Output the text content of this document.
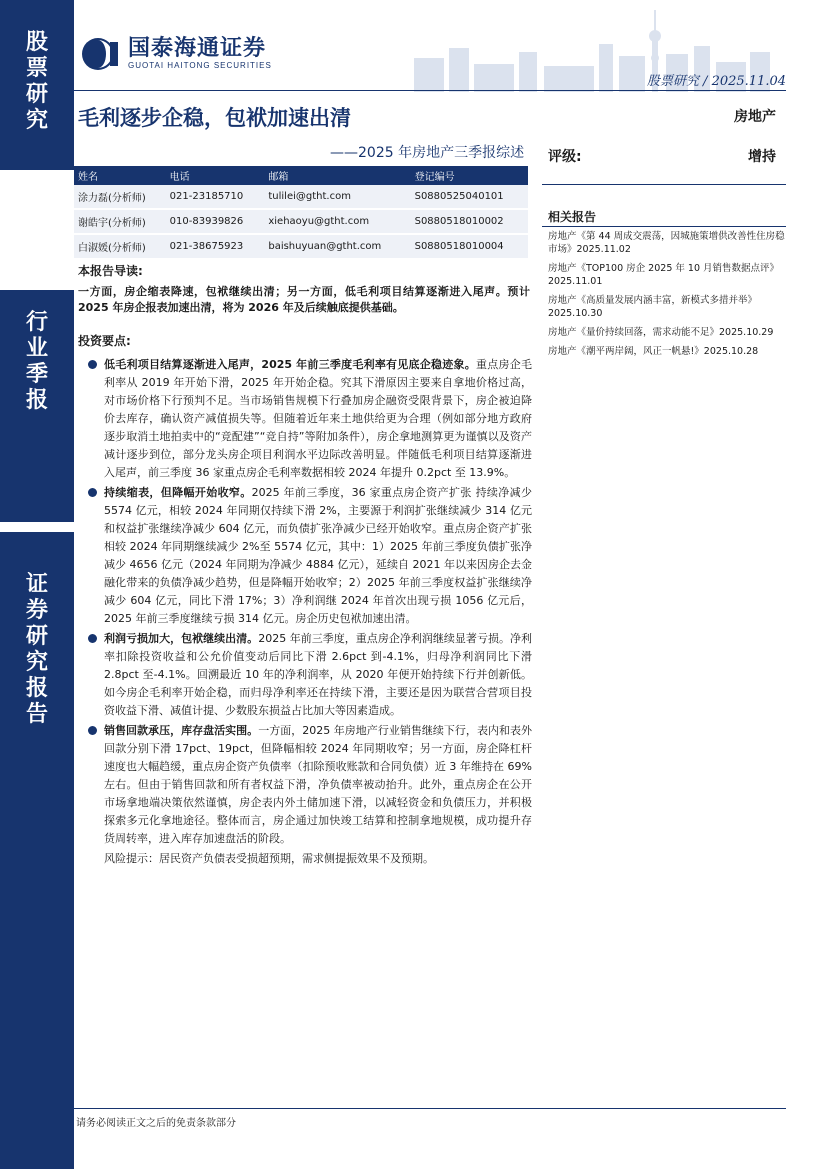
股
票
研
究
行
业
季
报
证
券
研
究
报
告
国泰海通证券
GUOTAI HAITONG SECURITIES
股票研究 / 2025.11.04
毛利逐步企稳，包袱加速出清	房地产
——2025 年房地产三季报综述 评级:	增持
姓名	电话	邮箱	登记编号
涂力磊(分析师)	021-23185710	tulilei@gtht.com	S0880525040101
谢皓宇(分析师)	010-83939826	xiehaoyu@gtht.com	S0880518010002
白淑媛(分析师)	021-38675923	baishuyuan@gtht.com	S0880518010004
相关报告
房地产《第 44 周成交震荡，因城施策增供改善性住房稳市场》2025.11.02
房地产《TOP100 房企 2025 年 10 月销售数据点评》2025.11.01
房地产《高质量发展内涵丰富，新模式多措并举》2025.10.30
房地产《量价持续回落，需求动能不足》2025.10.29
房地产《潮平两岸阔，风正一帆悬!》2025.10.28
本报告导读:
一方面，房企缩表降速，包袱继续出清；另一方面，低毛利项目结算逐渐进入尾声。预计 2025 年房企报表加速出清，将为 2026 年及后续触底提供基础。
投资要点:
低毛利项目结算逐渐进入尾声，2025 年前三季度毛利率有见底企稳迹象。重点房企毛利率从 2019 年开始下滑，2025 年开始企稳。究其下滑原因主要来自拿地价格过高，对市场价格下行预判不足。当市场销售规模下行叠加房企融资受限背景下，房企被迫降价去库存，确认资产减值损失等。但随着近年来土地供给更为合理（例如部分地方政府逐步取消土地拍卖中的“竞配建”“竞自持”等附加条件），房企拿地测算更为谨慎以及资产减计逐步到位，部分龙头房企项目利润水平边际改善明显。伴随低毛利项目结算逐渐进入尾声，前三季度 36 家重点房企毛利率数据相较 2024 年提升 0.2pct 至 13.9%。
持续缩表，但降幅开始收窄。2025 年前三季度，36 家重点房企资产扩张 持续净减少 5574 亿元，相较 2024 年同期仅持续下滑 2%，主要源于利润扩张继续减少 314 亿元和权益扩张继续净减少 604 亿元，而负债扩张净减少已经开始收窄。重点房企资产扩张相较 2024 年同期继续减少 2%至 5574 亿元，其中：1）2025 年前三季度负债扩张净减少 4656 亿元（2024 年同期为净减少 4884 亿元），延续自 2021 年以来因房企去金融化带来的负债净减少趋势，但是降幅开始收窄；2）2025 年前三季度权益扩张继续净减少 604 亿元，同比下滑 17%；3）净利润继 2024 年首次出现亏损 1056 亿元后，2025 年前三季度继续亏损 314 亿元。房企历史包袱加速出清。
利润亏损加大，包袱继续出清。2025 年前三季度，重点房企净利润继续显著亏损。净利率扣除投资收益和公允价值变动后同比下滑 2.6pct 到-4.1%，归母净利润同比下滑 2.8pct 至-4.1%。回溯最近 10 年的净利润率，从 2020 年便开始持续下行并创新低。如今房企毛利率开始企稳，而归母净利率还在持续下滑，主要还是因为联营合营项目投资收益下滑、减值计提、少数股东损益占比加大等因素造成。
销售回款承压，库存盘活实围。一方面，2025 年房地产行业销售继续下行，表内和表外回款分别下滑 17pct、19pct，但降幅相较 2024 年同期收窄；另一方面，房企降杠杆速度也大幅趋缓，重点房企资产负债率（扣除预收账款和合同负债）近 3 年维持在 69%左右。但由于销售回款和所有者权益下滑，净负债率被动抬升。此外，重点房企在公开市场拿地端决策依然谨慎，房企表内外土储加速下滑，以减轻资金和负债压力，并积极探索多元化拿地途径。整体而言，房企通过加快竣工结算和控制拿地规模，成功提升存货周转率，进入库存加速盘活的阶段。
风险提示：居民资产负债表受损超预期，需求侧提振效果不及预期。
请务必阅读正文之后的免责条款部分
